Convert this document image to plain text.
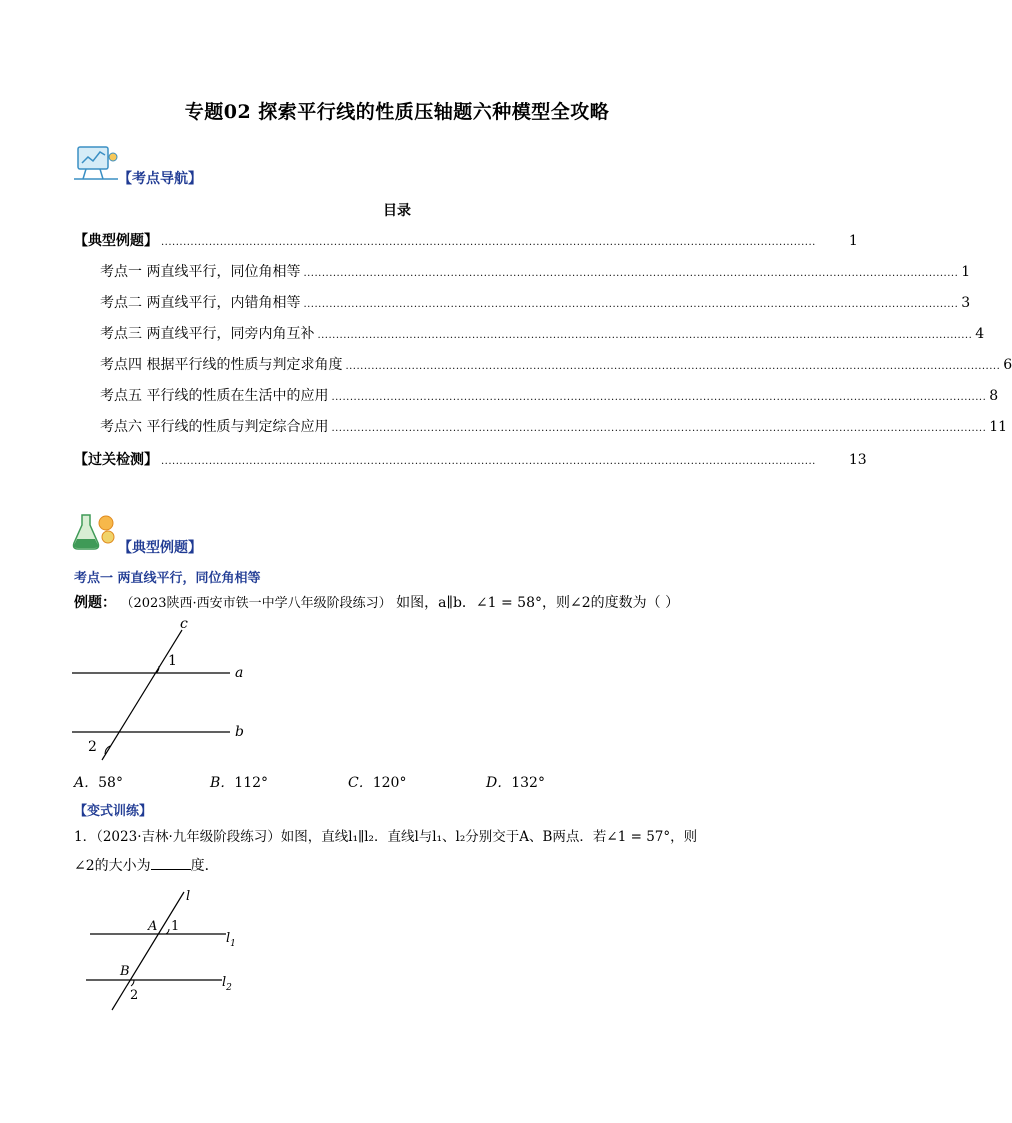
专题02 探索平行线的性质压轴题六种模型全攻略
【考点导航】
目录
【典型例题】 .................................................................................................................................................................................. 1
考点一 两直线平行，同位角相等 .................................................................................................................................................................................. 1
考点二 两直线平行，内错角相等 .................................................................................................................................................................................. 3
考点三 两直线平行，同旁内角互补 .................................................................................................................................................................................. 4
考点四 根据平行线的性质与判定求角度 .................................................................................................................................................................................. 6
考点五 平行线的性质在生活中的应用 .................................................................................................................................................................................. 8
考点六 平行线的性质与判定综合应用 .................................................................................................................................................................................. 11
【过关检测】 .................................................................................................................................................................................. 13
【典型例题】
考点一 两直线平行，同位角相等
例题： （2023陕西·西安市铁一中学八年级阶段练习） 如图，a∥b．∠1 = 58°，则∠2的度数为（ ）
c
1
a
b
2
A．58°	B．112°	C．120°	D．132°
【变式训练】
1．（2023·吉林·九年级阶段练习）如图，直线l₁∥l₂．直线l与l₁、l₂分别交于A、B两点．若∠1 = 57°，则
∠2的大小为	度．
l
A 1
$l_1$
B
$l_2$
2
